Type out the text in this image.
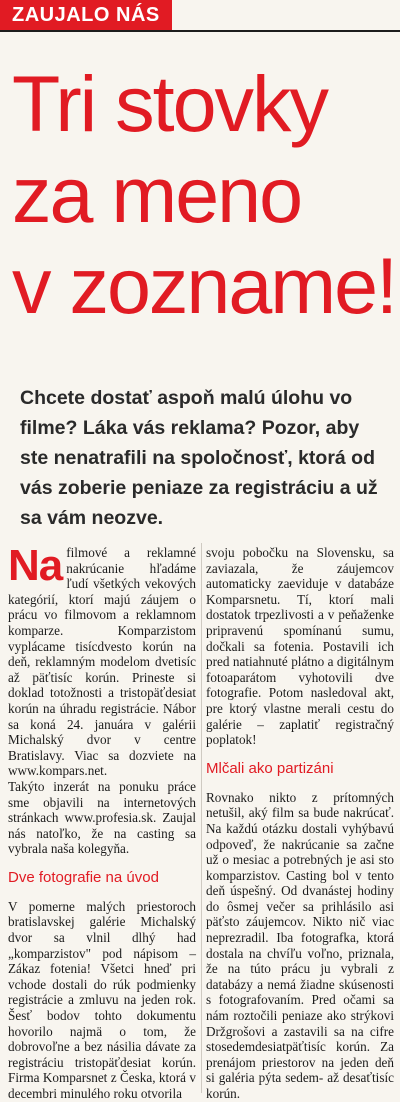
ZAUJALO NÁS
Tri stovky
za meno
v zozname!
Chcete dostať aspoň malú úlohu vo filme? Láka vás reklama? Pozor, aby ste nenatrafili na spoločnosť, ktorá od vás zoberie peniaze za registráciu a už sa vám neozve.

Na filmové a reklamné nakrúcanie hľadáme ľudí všetkých vekových kategórií, ktorí majú záujem o prácu vo filmovom a reklamnom komparze. Komparzistom vyplácame tisícdvesto korún na deň, reklamným modelom dvetisíc až päťtisíc korún. Prineste si doklad totožnosti a tristopäťdesiat korún na úhradu registrácie. Nábor sa koná 24. januára v galérii Michalský dvor v centre Bratislavy. Viac sa dozviete na www.kompars.net.

Takýto inzerát na ponuku práce sme objavili na internetových stránkach www.profesia.sk. Zaujal nás natoľko, že na casting sa vybrala naša kolegyňa.

Dve fotografie na úvod

V pomerne malých priestoroch bratislavskej galérie Michalský dvor sa vlnil dlhý had „komparzistov" pod nápisom – Zákaz fotenia! Všetci hneď pri vchode dostali do rúk podmienky registrácie a zmluvu na jeden rok. Šesť bodov tohto dokumentu hovorilo najmä o tom, že dobrovoľne a bez násilia dávate za registráciu tristopäťdesiat korún. Firma Komparsnet z Česka, ktorá v decembri minulého roku otvorila

svoju pobočku na Slovensku, sa zaviazala, že záujemcov automaticky zaeviduje v databáze Komparsnetu. Tí, ktorí mali dostatok trpezlivosti a v peňaženke pripravenú spomínanú sumu, dočkali sa fotenia. Postavili ich pred natiahnuté plátno a digitálnym fotoaparátom vyhotovili dve fotografie. Potom nasledoval akt, pre ktorý vlastne merali cestu do galérie – zaplatiť registračný poplatok!

Mlčali ako partizáni

Rovnako nikto z prítomných netušil, aký film sa bude nakrúcať. Na každú otázku dostali vyhýbavú odpoveď, že nakrúcanie sa začne už o mesiac a potrebných je asi sto komparzistov. Casting bol v tento deň úspešný. Od dvanástej hodiny do ôsmej večer sa prihlásilo asi päťsto záujemcov. Nikto nič viac neprezradil. Iba fotografka, ktorá dostala na chvíľu voľno, priznala, že na túto prácu ju vybrali z databázy a nemá žiadne skúsenosti s fotografovaním. Pred očami sa nám roztočili peniaze ako strýkovi Držgrošovi a zastavili sa na cifre stosedemdesiatpäťtisíc korún. Za prenájom priestorov na jeden deň si galéria pýta sedem- až desaťtisíc korún.
